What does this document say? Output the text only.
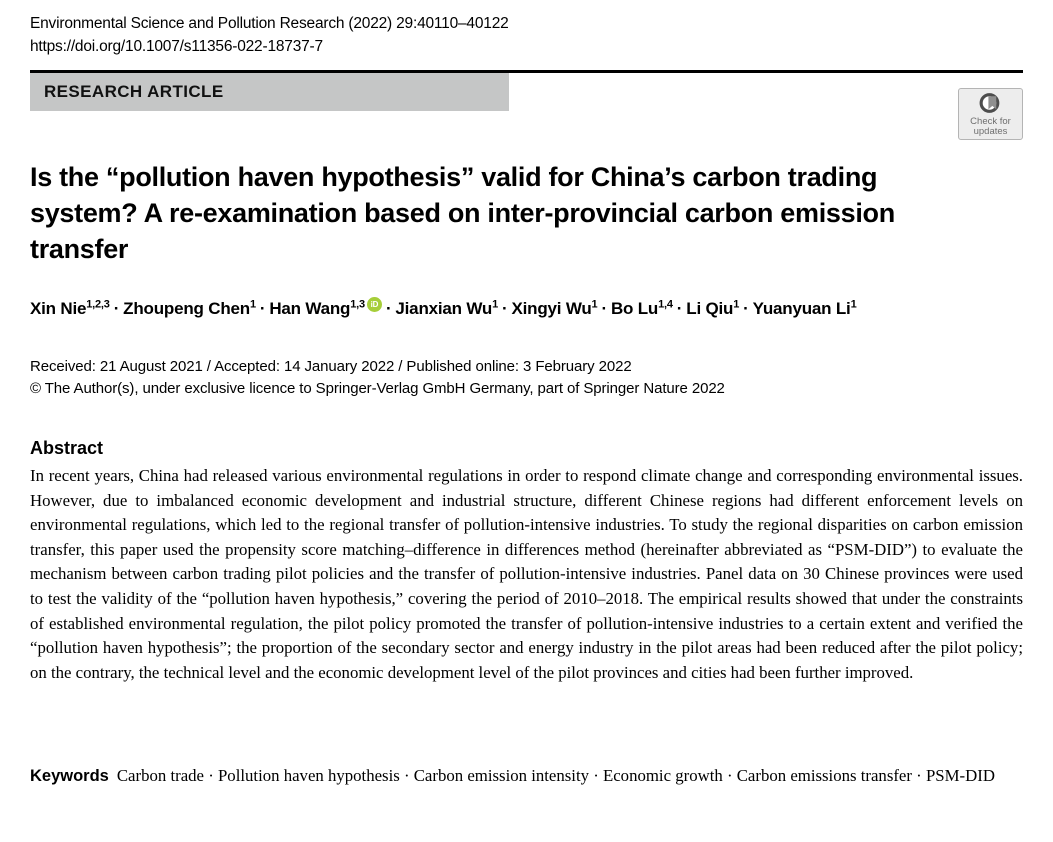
Environmental Science and Pollution Research (2022) 29:40110–40122
https://doi.org/10.1007/s11356-022-18737-7
RESEARCH ARTICLE
Check for
updates
Is the “pollution haven hypothesis” valid for China’s carbon trading system? A re-examination based on inter-provincial carbon emission transfer
Xin Nie$^{1,2,3}$ · Zhoupeng Chen$^1$ · Han Wang$^{1,3}$ iD · Jianxian $Wu^1$ · Xingyi $Wu^1 \cdot Bo$ Lu$^{1,4}$ · Li Qiu$^1$ · Yuanyuan Li$^1$
Received: 21 August 2021 / Accepted: 14 January 2022 / Published online: 3 February 2022
© The Author(s), under exclusive licence to Springer-Verlag GmbH Germany, part of Springer Nature 2022
Abstract

In recent years, China had released various environmental regulations in order to respond climate change and corresponding environmental issues. However, due to imbalanced economic development and industrial structure, different Chinese regions had different enforcement levels on environmental regulations, which led to the regional transfer of pollution-intensive industries. To study the regional disparities on carbon emission transfer, this paper used the propensity score matching–difference in differences method (hereinafter abbreviated as “PSM-DID”) to evaluate the mechanism between carbon trading pilot policies and the transfer of pollution-intensive industries. Panel data on 30 Chinese provinces were used to test the validity of the “pollution haven hypothesis,” covering the period of 2010–2018. The empirical results showed that under the constraints of established environmental regulation, the pilot policy promoted the transfer of pollution-intensive industries to a certain extent and verified the “pollution haven hypothesis”; the proportion of the secondary sector and energy industry in the pilot areas had been reduced after the pilot policy; on the contrary, the technical level and the economic development level of the pilot provinces and cities had been further improved.

Keywords Carbon trade · Pollution haven hypothesis · Carbon emission intensity · Economic growth · Carbon emissions transfer · PSM-DID
